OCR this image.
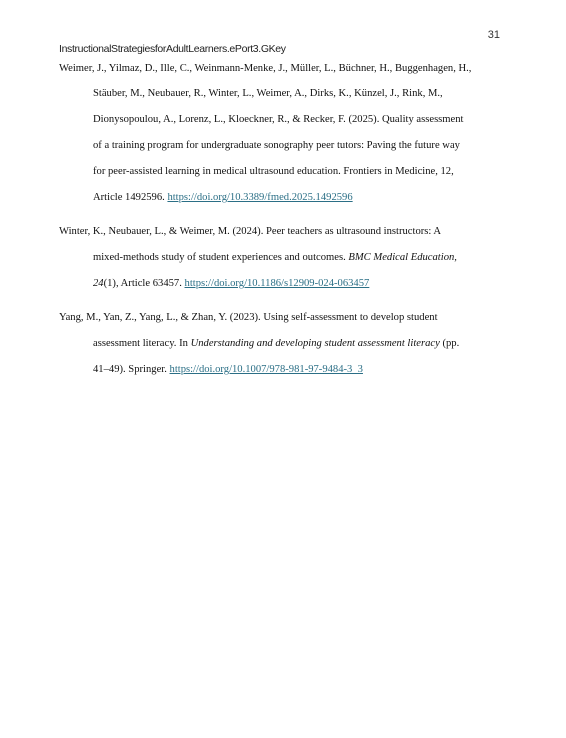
31
InstructionalStrategiesforAdultLearners.ePort3.GKey
Weimer, J., Yilmaz, D., Ille, C., Weinmann-Menke, J., Müller, L., Büchner, H., Buggenhagen, H.,
Stäuber, M., Neubauer, R., Winter, L., Weimer, A., Dirks, K., Künzel, J., Rink, M.,
Dionysopoulou, A., Lorenz, L., Kloeckner, R., & Recker, F. (2025). Quality assessment
of a training program for undergraduate sonography peer tutors: Paving the future way
for peer-assisted learning in medical ultrasound education. Frontiers in Medicine, 12,
Article 1492596. https://doi.org/10.3389/fmed.2025.1492596
Winter, K., Neubauer, L., & Weimer, M. (2024). Peer teachers as ultrasound instructors: A
mixed-methods study of student experiences and outcomes. BMC Medical Education,
24(1), Article 63457. https://doi.org/10.1186/s12909-024-063457
Yang, M., Yan, Z., Yang, L., & Zhan, Y. (2023). Using self-assessment to develop student
assessment literacy. In Understanding and developing student assessment literacy (pp.
41–49). Springer. https://doi.org/10.1007/978-981-97-9484-3_3
